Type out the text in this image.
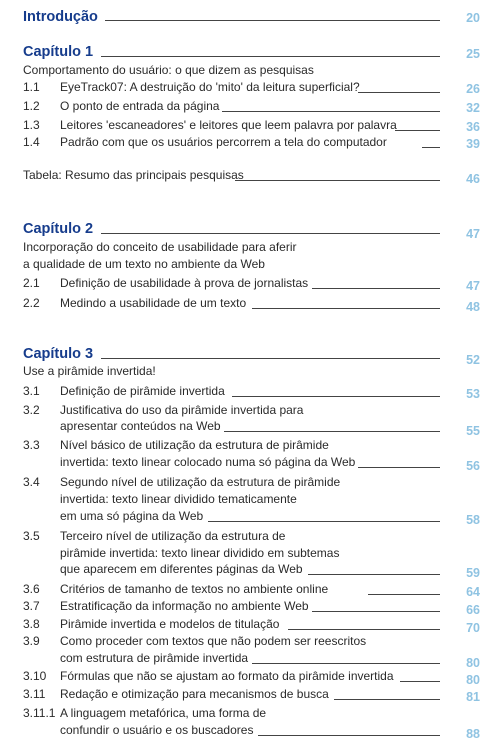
Introdução	20
Capítulo 1	25
Comportamento do usuário: o que dizem as pesquisas
1.1 EyeTrack07: A destruição do 'mito' da leitura superficial?	26
1.2 O ponto de entrada da página	32
1.3 Leitores 'escaneadores' e leitores que leem palavra por palavra	36
1.4 Padrão com que os usuários percorrem a tela do computador	39
Tabela: Resumo das principais pesquisas	46
Capítulo 2	47
Incorporação do conceito de usabilidade para aferir
a qualidade de um texto no ambiente da Web
2.1 Definição de usabilidade à prova de jornalistas	47
2.2 Medindo a usabilidade de um texto	48
Capítulo 3	52
Use a pirâmide invertida!
3.1 Definição de pirâmide invertida	53
3.2 Justificativa do uso da pirâmide invertida para
apresentar conteúdos na Web	55
3.3 Nível básico de utilização da estrutura de pirâmide
invertida: texto linear colocado numa só página da Web	56
3.4 Segundo nível de utilização da estrutura de pirâmide
invertida: texto linear dividido tematicamente
em uma só página da Web	58
3.5 Terceiro nível de utilização da estrutura de
pirâmide invertida: texto linear dividido em subtemas
que aparecem em diferentes páginas da Web	59
3.6 Critérios de tamanho de textos no ambiente online	64
3.7 Estratificação da informação no ambiente Web	66
3.8 Pirâmide invertida e modelos de titulação	70
3.9 Como proceder com textos que não podem ser reescritos
com estrutura de pirâmide invertida	80
3.10 Fórmulas que não se ajustam ao formato da pirâmide invertida	80
3.11 Redação e otimização para mecanismos de busca	81
3.11.1 A linguagem metafórica, uma forma de
confundir o usuário e os buscadores	88
